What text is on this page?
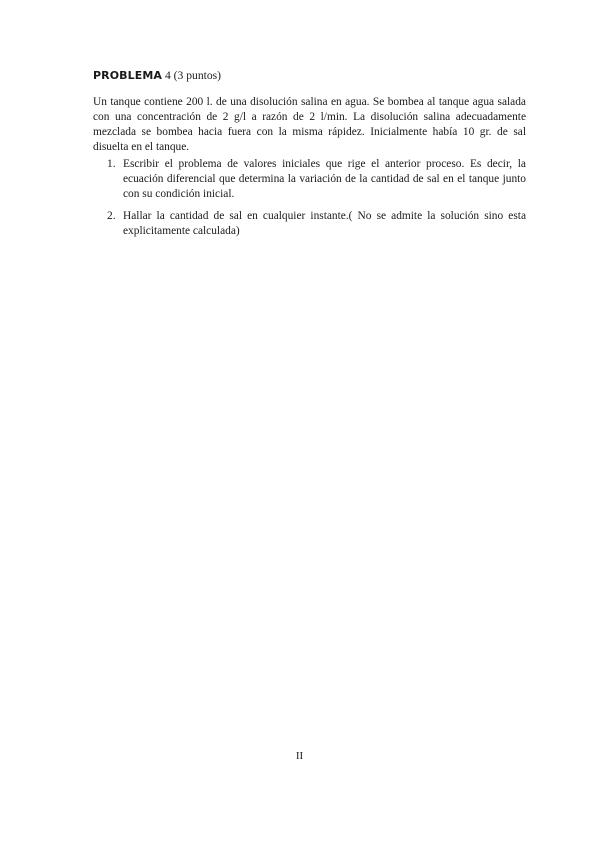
PROBLEMA 4 (3 puntos)

Un tanque contiene 200 l. de una disolución salina en agua. Se bombea al tanque agua salada con una concentración de 2 g/l a razón de 2 l/min. La disolución salina adecuadamente mezclada se bombea hacia fuera con la misma rápidez. Inicialmente había 10 gr. de sal disuelta en el tanque.

1. Escribir el problema de valores iniciales que rige el anterior proceso. Es decir, la ecuación diferencial que determina la variación de la cantidad de sal en el tanque junto con su condición inicial.
2. Hallar la cantidad de sal en cualquier instante.( No se admite la solución sino esta explicitamente calculada)
II
